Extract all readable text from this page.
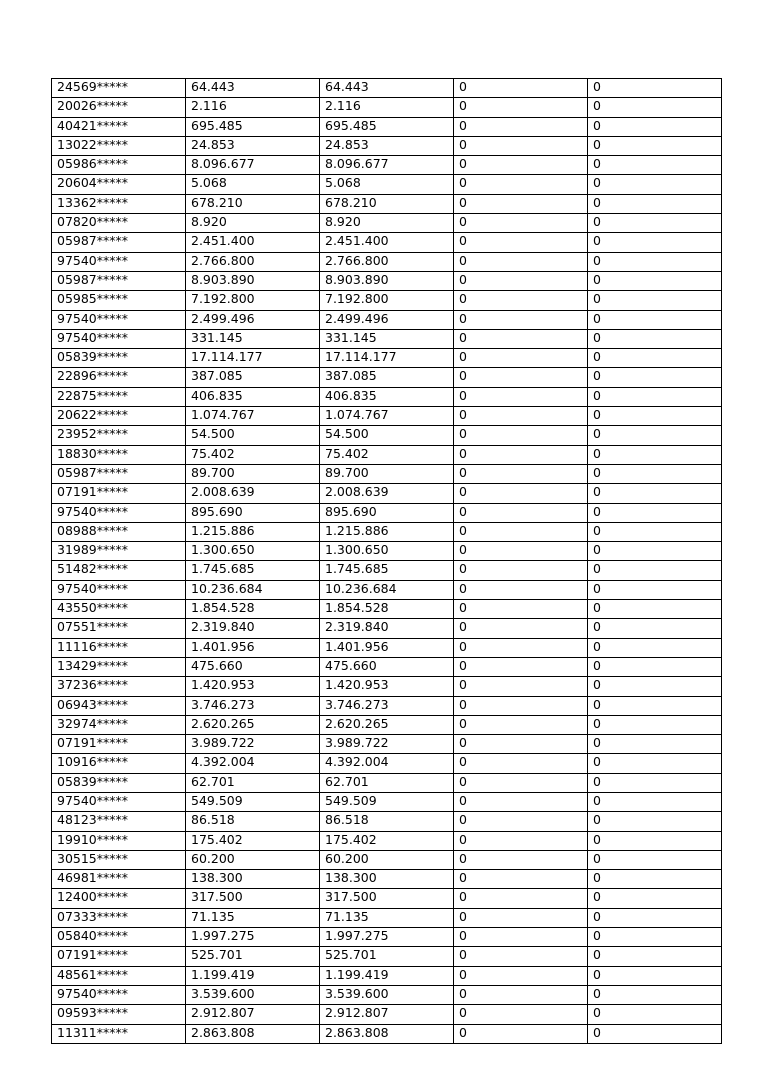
24569*****	64.443	64.443	0	0
20026*****	2.116	2.116	0	0
40421*****	695.485	695.485	0	0
13022*****	24.853	24.853	0	0
05986*****	8.096.677	8.096.677	0	0
20604*****	5.068	5.068	0	0
13362*****	678.210	678.210	0	0
07820*****	8.920	8.920	0	0
05987*****	2.451.400	2.451.400	0	0
97540*****	2.766.800	2.766.800	0	0
05987*****	8.903.890	8.903.890	0	0
05985*****	7.192.800	7.192.800	0	0
97540*****	2.499.496	2.499.496	0	0
97540*****	331.145	331.145	0	0
05839*****	17.114.177	17.114.177	0	0
22896*****	387.085	387.085	0	0
22875*****	406.835	406.835	0	0
20622*****	1.074.767	1.074.767	0	0
23952*****	54.500	54.500	0	0
18830*****	75.402	75.402	0	0
05987*****	89.700	89.700	0	0
07191*****	2.008.639	2.008.639	0	0
97540*****	895.690	895.690	0	0
08988*****	1.215.886	1.215.886	0	0
31989*****	1.300.650	1.300.650	0	0
51482*****	1.745.685	1.745.685	0	0
97540*****	10.236.684	10.236.684	0	0
43550*****	1.854.528	1.854.528	0	0
07551*****	2.319.840	2.319.840	0	0
11116*****	1.401.956	1.401.956	0	0
13429*****	475.660	475.660	0	0
37236*****	1.420.953	1.420.953	0	0
06943*****	3.746.273	3.746.273	0	0
32974*****	2.620.265	2.620.265	0	0
07191*****	3.989.722	3.989.722	0	0
10916*****	4.392.004	4.392.004	0	0
05839*****	62.701	62.701	0	0
97540*****	549.509	549.509	0	0
48123*****	86.518	86.518	0	0
19910*****	175.402	175.402	0	0
30515*****	60.200	60.200	0	0
46981*****	138.300	138.300	0	0
12400*****	317.500	317.500	0	0
07333*****	71.135	71.135	0	0
05840*****	1.997.275	1.997.275	0	0
07191*****	525.701	525.701	0	0
48561*****	1.199.419	1.199.419	0	0
97540*****	3.539.600	3.539.600	0	0
09593*****	2.912.807	2.912.807	0	0
11311*****	2.863.808	2.863.808	0	0
